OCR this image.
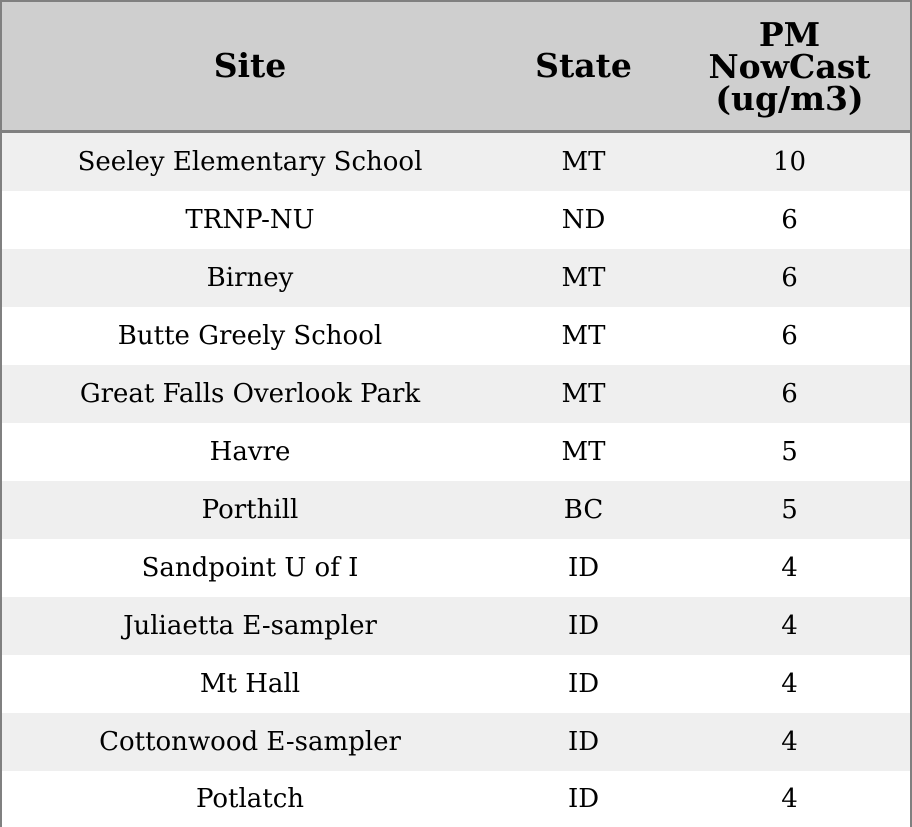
Site	State	PM
NowCast
(ug/m3)

Seeley Elementary School	MT	10
TRNP-NU	ND	6
Birney	MT	6
Butte Greely School	MT	6
Great Falls Overlook Park	MT	6
Havre	MT	5
Porthill	BC	5
Sandpoint U of I	ID	4
Juliaetta E-sampler	ID	4
Mt Hall	ID	4
Cottonwood E-sampler	ID	4
Potlatch	ID	4
